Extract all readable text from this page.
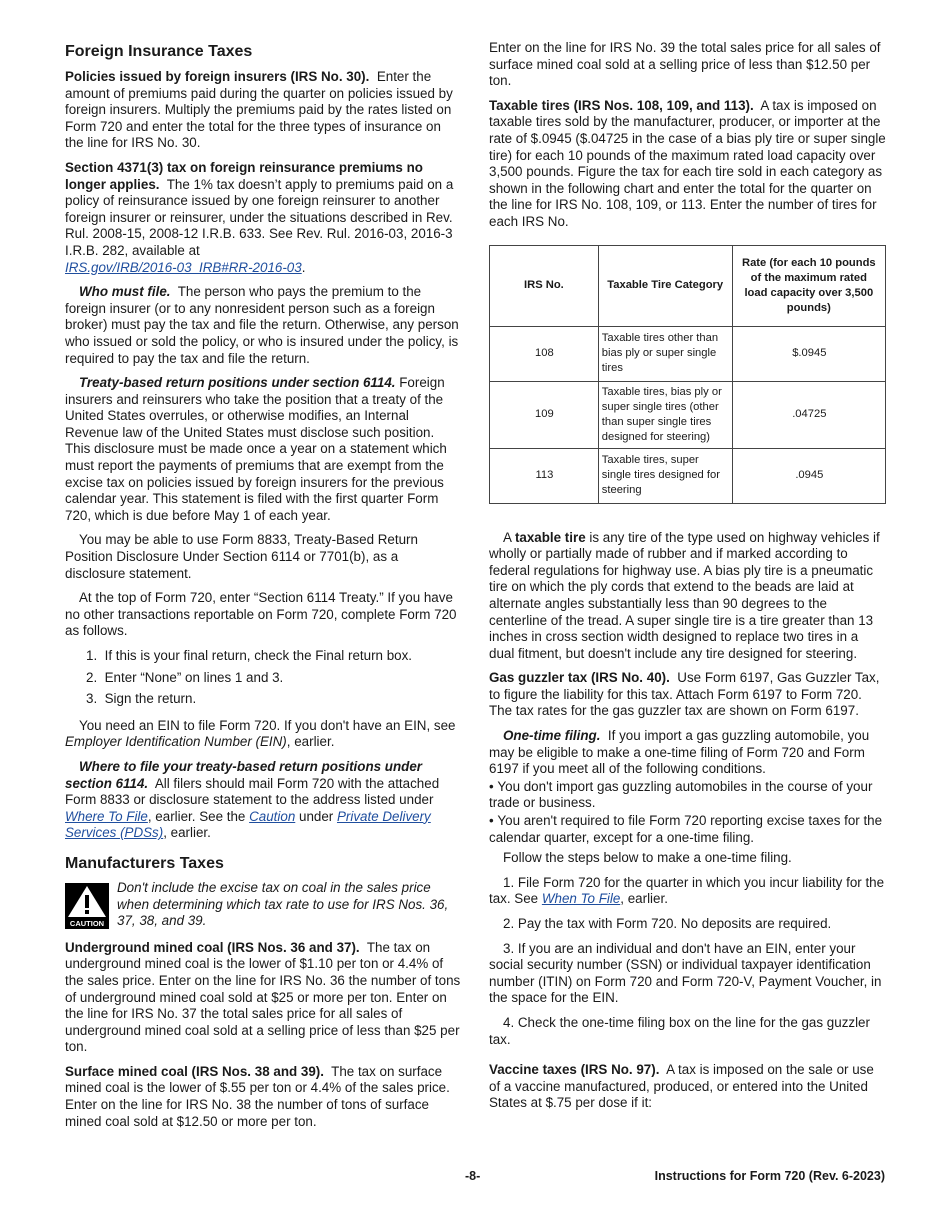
Foreign Insurance Taxes

Policies issued by foreign insurers (IRS No. 30). Enter the amount of premiums paid during the quarter on policies issued by foreign insurers. Multiply the premiums paid by the rates listed on Form 720 and enter the total for the three types of insurance on the line for IRS No. 30.

Section 4371(3) tax on foreign reinsurance premiums no longer applies. The 1% tax doesn’t apply to premiums paid on a policy of reinsurance issued by one foreign reinsurer to another foreign insurer or reinsurer, under the situations described in Rev. Rul. 2008-15, 2008-12 I.R.B. 633. See Rev. Rul. 2016-03, 2016-3 I.R.B. 282, available at
IRS.gov/IRB/2016-03_IRB#RR-2016-03.

Who must file. The person who pays the premium to the foreign insurer (or to any nonresident person such as a foreign broker) must pay the tax and file the return. Otherwise, any person who issued or sold the policy, or who is insured under the policy, is required to pay the tax and file the return.

Treaty-based return positions under section 6114. Foreign insurers and reinsurers who take the position that a treaty of the United States overrules, or otherwise modifies, an Internal Revenue law of the United States must disclose such position. This disclosure must be made once a year on a statement which must report the payments of premiums that are exempt from the excise tax on policies issued by foreign insurers for the previous calendar year. This statement is filed with the first quarter Form 720, which is due before May 1 of each year.

You may be able to use Form 8833, Treaty-Based Return Position Disclosure Under Section 6114 or 7701(b), as a disclosure statement.

At the top of Form 720, enter “Section 6114 Treaty.” If you have no other transactions reportable on Form 720, complete Form 720 as follows.

1. If this is your final return, check the Final return box.
2. Enter “None” on lines 1 and 3.
3. Sign the return.

You need an EIN to file Form 720. If you don't have an EIN, see Employer Identification Number (EIN), earlier.

Where to file your treaty-based return positions under section 6114. All filers should mail Form 720 with the attached Form 8833 or disclosure statement to the address listed under Where To File, earlier. See the Caution under Private Delivery Services (PDSs), earlier.

Manufacturers Taxes
CAUTION

Don't include the excise tax on coal in the sales price when determining which tax rate to use for IRS Nos. 36, 37, 38, and 39.

Underground mined coal (IRS Nos. 36 and 37). The tax on underground mined coal is the lower of $1.10 per ton or 4.4% of the sales price. Enter on the line for IRS No. 36 the number of tons of underground mined coal sold at $25 or more per ton. Enter on the line for IRS No. 37 the total sales price for all sales of underground mined coal sold at a selling price of less than $25 per ton.

Surface mined coal (IRS Nos. 38 and 39). The tax on surface mined coal is the lower of $.55 per ton or 4.4% of the sales price. Enter on the line for IRS No. 38 the number of tons of surface mined coal sold at $12.50 or more per ton.

Enter on the line for IRS No. 39 the total sales price for all sales of surface mined coal sold at a selling price of less than $12.50 per ton.

Taxable tires (IRS Nos. 108, 109, and 113). A tax is imposed on taxable tires sold by the manufacturer, producer, or importer at the rate of $.0945 ($.04725 in the case of a bias ply tire or super single tire) for each 10 pounds of the maximum rated load capacity over 3,500 pounds. Figure the tax for each tire sold in each category as shown in the following chart and enter the total for the quarter on the line for IRS No. 108, 109, or 113. Enter the number of tires for each IRS No.

IRS No.	Taxable Tire Category	Rate (for each 10 pounds of the maximum rated load capacity over 3,500 pounds)
108	Taxable tires other than bias ply or super single tires	$.0945
109	Taxable tires, bias ply or super single tires (other than super single tires designed for steering)	.04725
113	Taxable tires, super single tires designed for steering	.0945

A taxable tire is any tire of the type used on highway vehicles if wholly or partially made of rubber and if marked according to federal regulations for highway use. A bias ply tire is a pneumatic tire on which the ply cords that extend to the beads are laid at alternate angles substantially less than 90 degrees to the centerline of the tread. A super single tire is a tire greater than 13 inches in cross section width designed to replace two tires in a dual fitment, but doesn't include any tire designed for steering.

Gas guzzler tax (IRS No. 40). Use Form 6197, Gas Guzzler Tax, to figure the liability for this tax. Attach Form 6197 to Form 720. The tax rates for the gas guzzler tax are shown on Form 6197.

One-time filing. If you import a gas guzzling automobile, you may be eligible to make a one-time filing of Form 720 and Form 6197 if you meet all of the following conditions.

• You don't import gas guzzling automobiles in the course of your trade or business.

• You aren't required to file Form 720 reporting excise taxes for the calendar quarter, except for a one-time filing.

Follow the steps below to make a one-time filing.

1. File Form 720 for the quarter in which you incur liability for the tax. See When To File, earlier.

2. Pay the tax with Form 720. No deposits are required.

3. If you are an individual and don't have an EIN, enter your social security number (SSN) or individual taxpayer identification number (ITIN) on Form 720 and Form 720-V, Payment Voucher, in the space for the EIN.

4. Check the one-time filing box on the line for the gas guzzler tax.

Vaccine taxes (IRS No. 97). A tax is imposed on the sale or use of a vaccine manufactured, produced, or entered into the United States at $.75 per dose if it:

-8-	Instructions for Form 720 (Rev. 6-2023)
